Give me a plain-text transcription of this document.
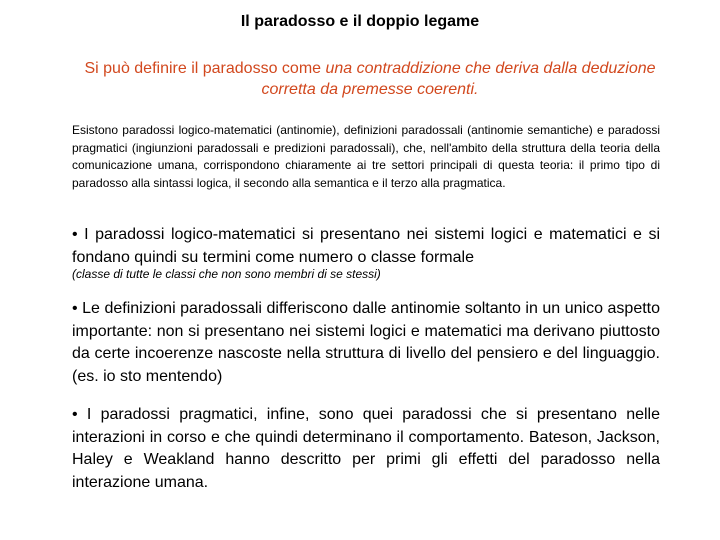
Il paradosso e il doppio legame
Si può definire il paradosso come una contraddizione che deriva dalla deduzione corretta da premesse coerenti.
Esistono paradossi logico-matematici (antinomie), definizioni paradossali (antinomie semantiche) e paradossi pragmatici (ingiunzioni paradossali e predizioni paradossali), che, nell'ambito della struttura della teoria della comunicazione umana, corrispondono chiaramente ai tre settori principali di questa teoria: il primo tipo di paradosso alla sintassi logica, il secondo alla semantica e il terzo alla pragmatica.
• I paradossi logico-matematici si presentano nei sistemi logici e matematici e si fondano quindi su termini come numero o classe formale
(classe di tutte le classi che non sono membri di se stessi)
• Le definizioni paradossali differiscono dalle antinomie soltanto in un unico aspetto importante: non si presentano nei sistemi logici e matematici ma derivano piuttosto da certe incoerenze nascoste nella struttura di livello del pensiero e del linguaggio. (es. io sto mentendo)
• I paradossi pragmatici, infine, sono quei paradossi che si presentano nelle interazioni in corso e che quindi determinano il comportamento. Bateson, Jackson, Haley e Weakland hanno descritto per primi gli effetti del paradosso nella interazione umana.
